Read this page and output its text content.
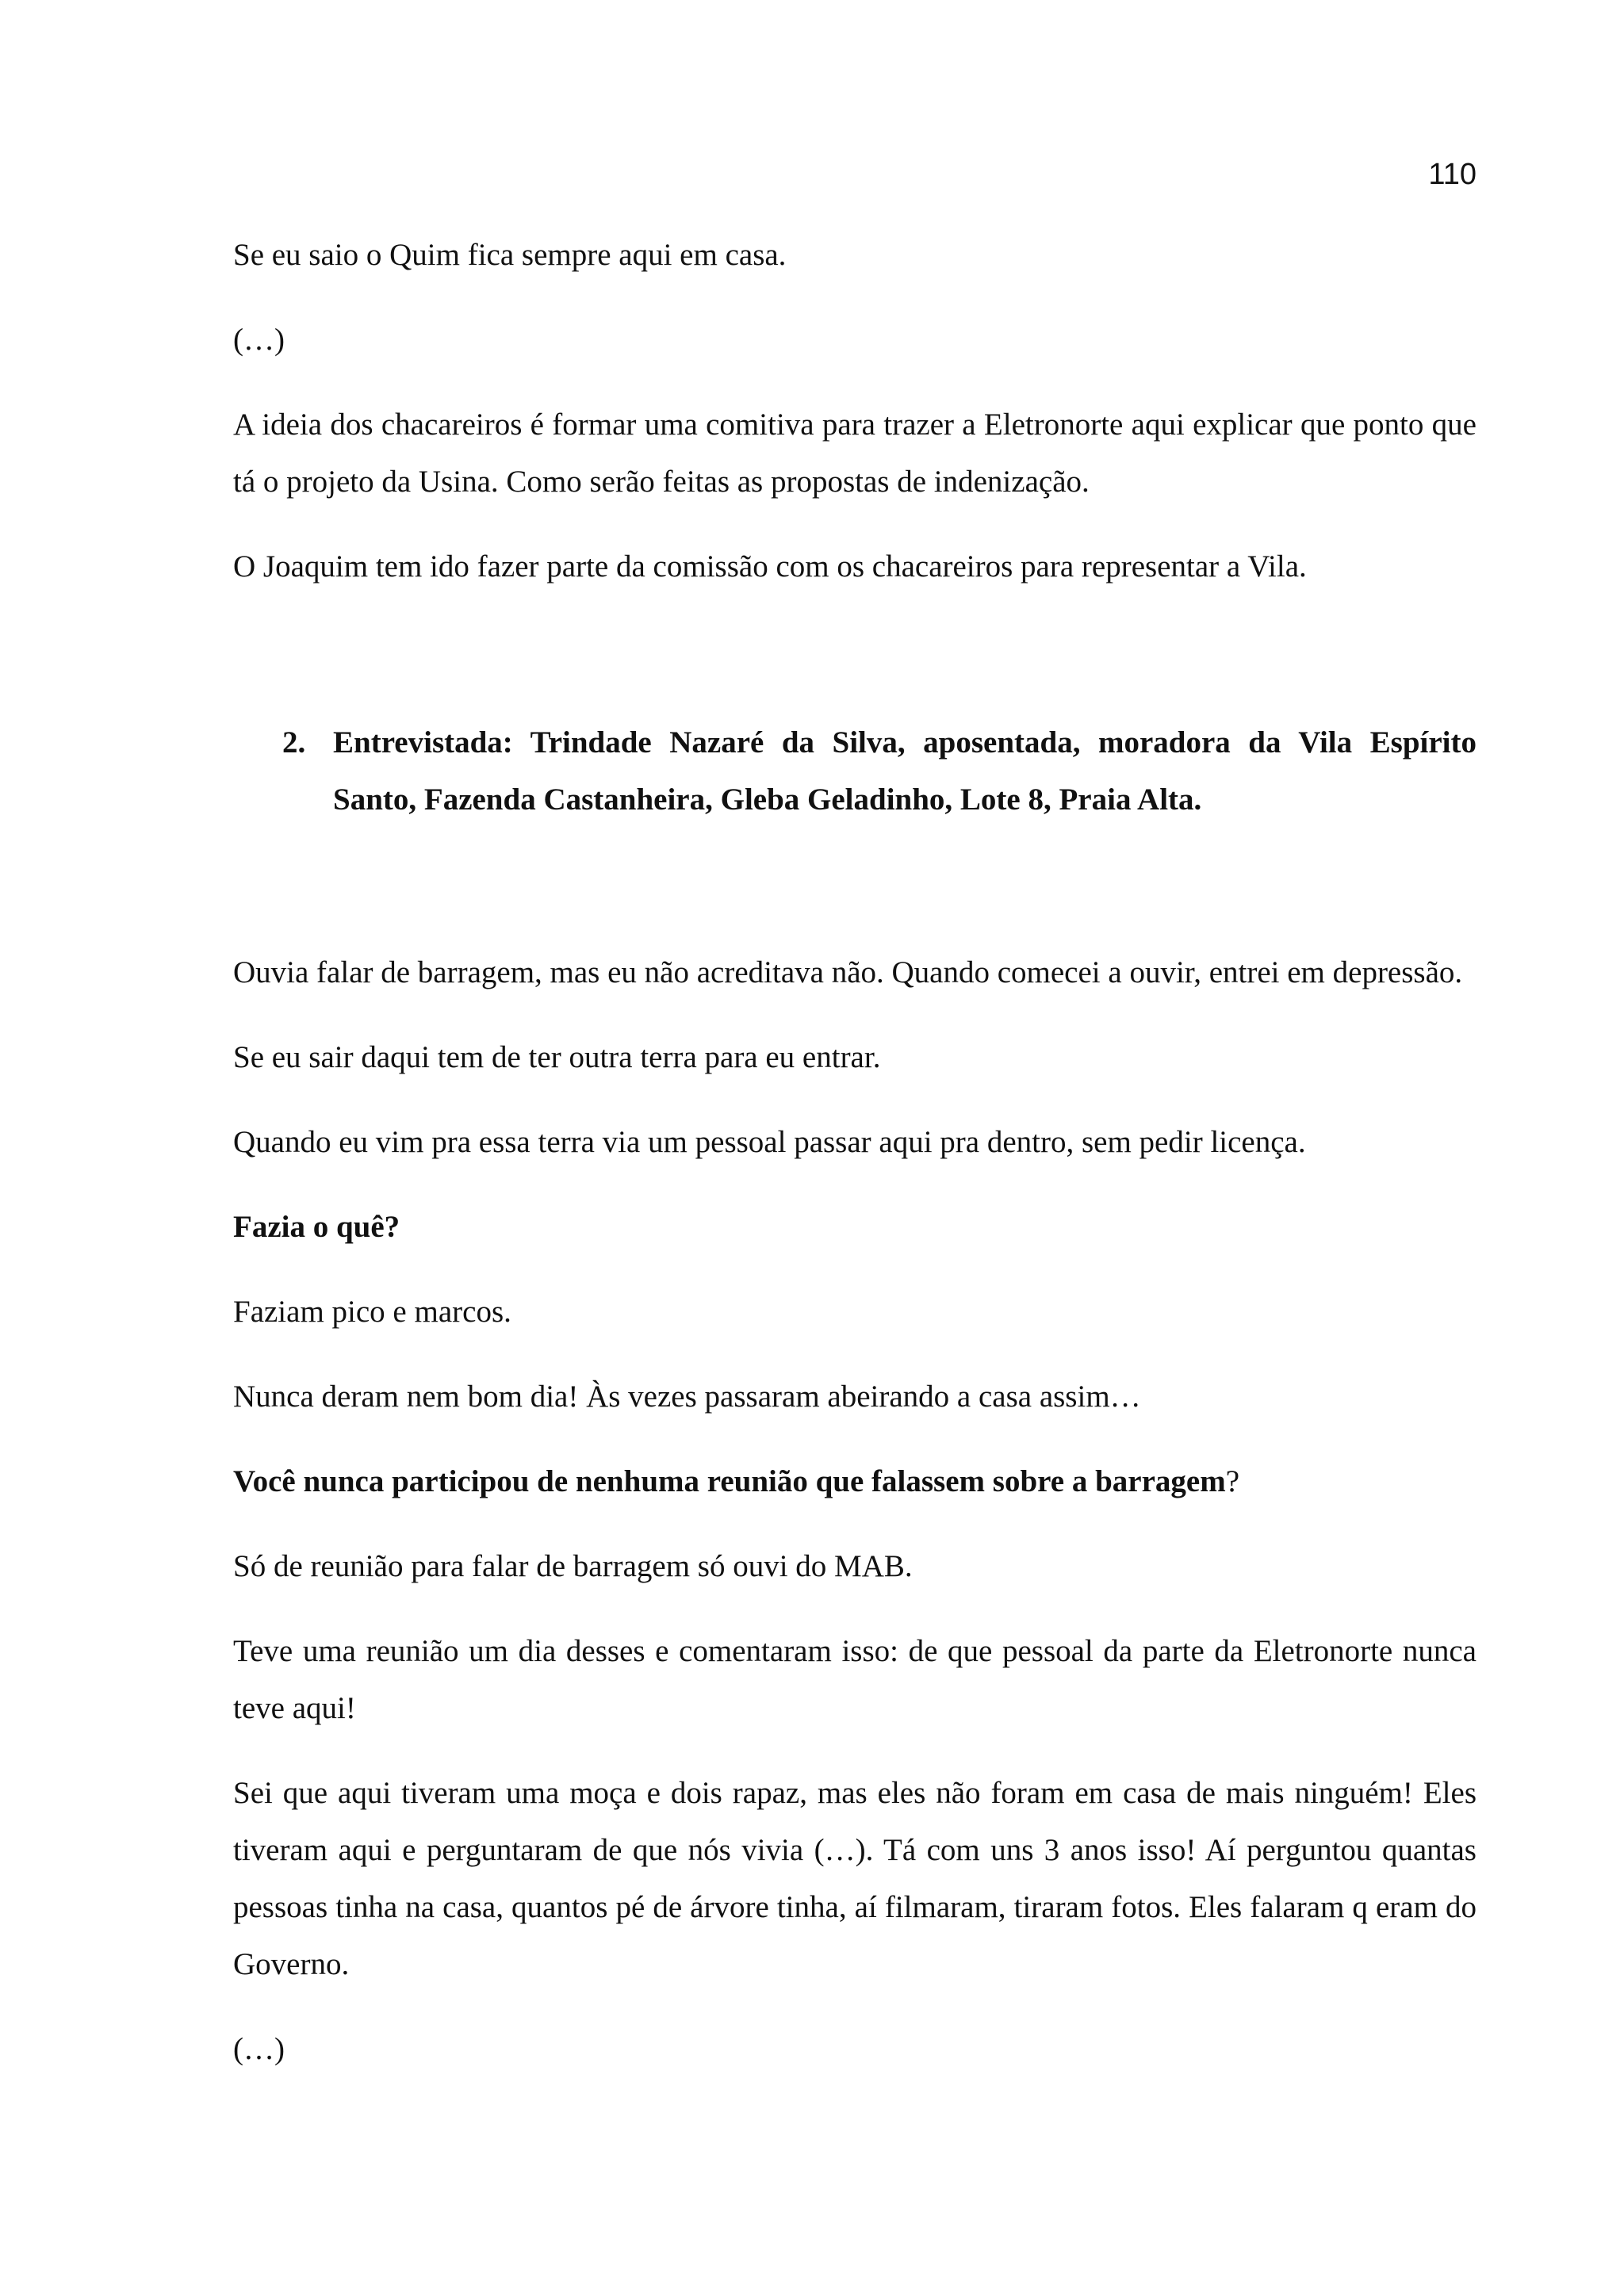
110

Se eu saio o Quim fica sempre aqui em casa.

(…)

A ideia dos chacareiros é formar uma comitiva para trazer a Eletronorte aqui explicar que ponto que tá o projeto da Usina. Como serão feitas as propostas de indenização.

O Joaquim tem ido fazer parte da comissão com os chacareiros para representar a Vila.

2. Entrevistada: Trindade Nazaré da Silva, aposentada, moradora da Vila Espírito Santo, Fazenda Castanheira, Gleba Geladinho, Lote 8, Praia Alta.

Ouvia falar de barragem, mas eu não acreditava não. Quando comecei a ouvir, entrei em depressão.

Se eu sair daqui tem de ter outra terra para eu entrar.

Quando eu vim pra essa terra via um pessoal passar aqui pra dentro, sem pedir licença.

Fazia o quê?

Faziam pico e marcos.

Nunca deram nem bom dia! Às vezes passaram abeirando a casa assim…

Você nunca participou de nenhuma reunião que falassem sobre a barragem?

Só de reunião para falar de barragem só ouvi do MAB.

Teve uma reunião um dia desses e comentaram isso: de que pessoal da parte da Eletronorte nunca teve aqui!

Sei que aqui tiveram uma moça e dois rapaz, mas eles não foram em casa de mais ninguém! Eles tiveram aqui e perguntaram de que nós vivia (…). Tá com uns 3 anos isso! Aí perguntou quantas pessoas tinha na casa, quantos pé de árvore tinha, aí filmaram, tiraram fotos. Eles falaram q eram do Governo.

(…)
